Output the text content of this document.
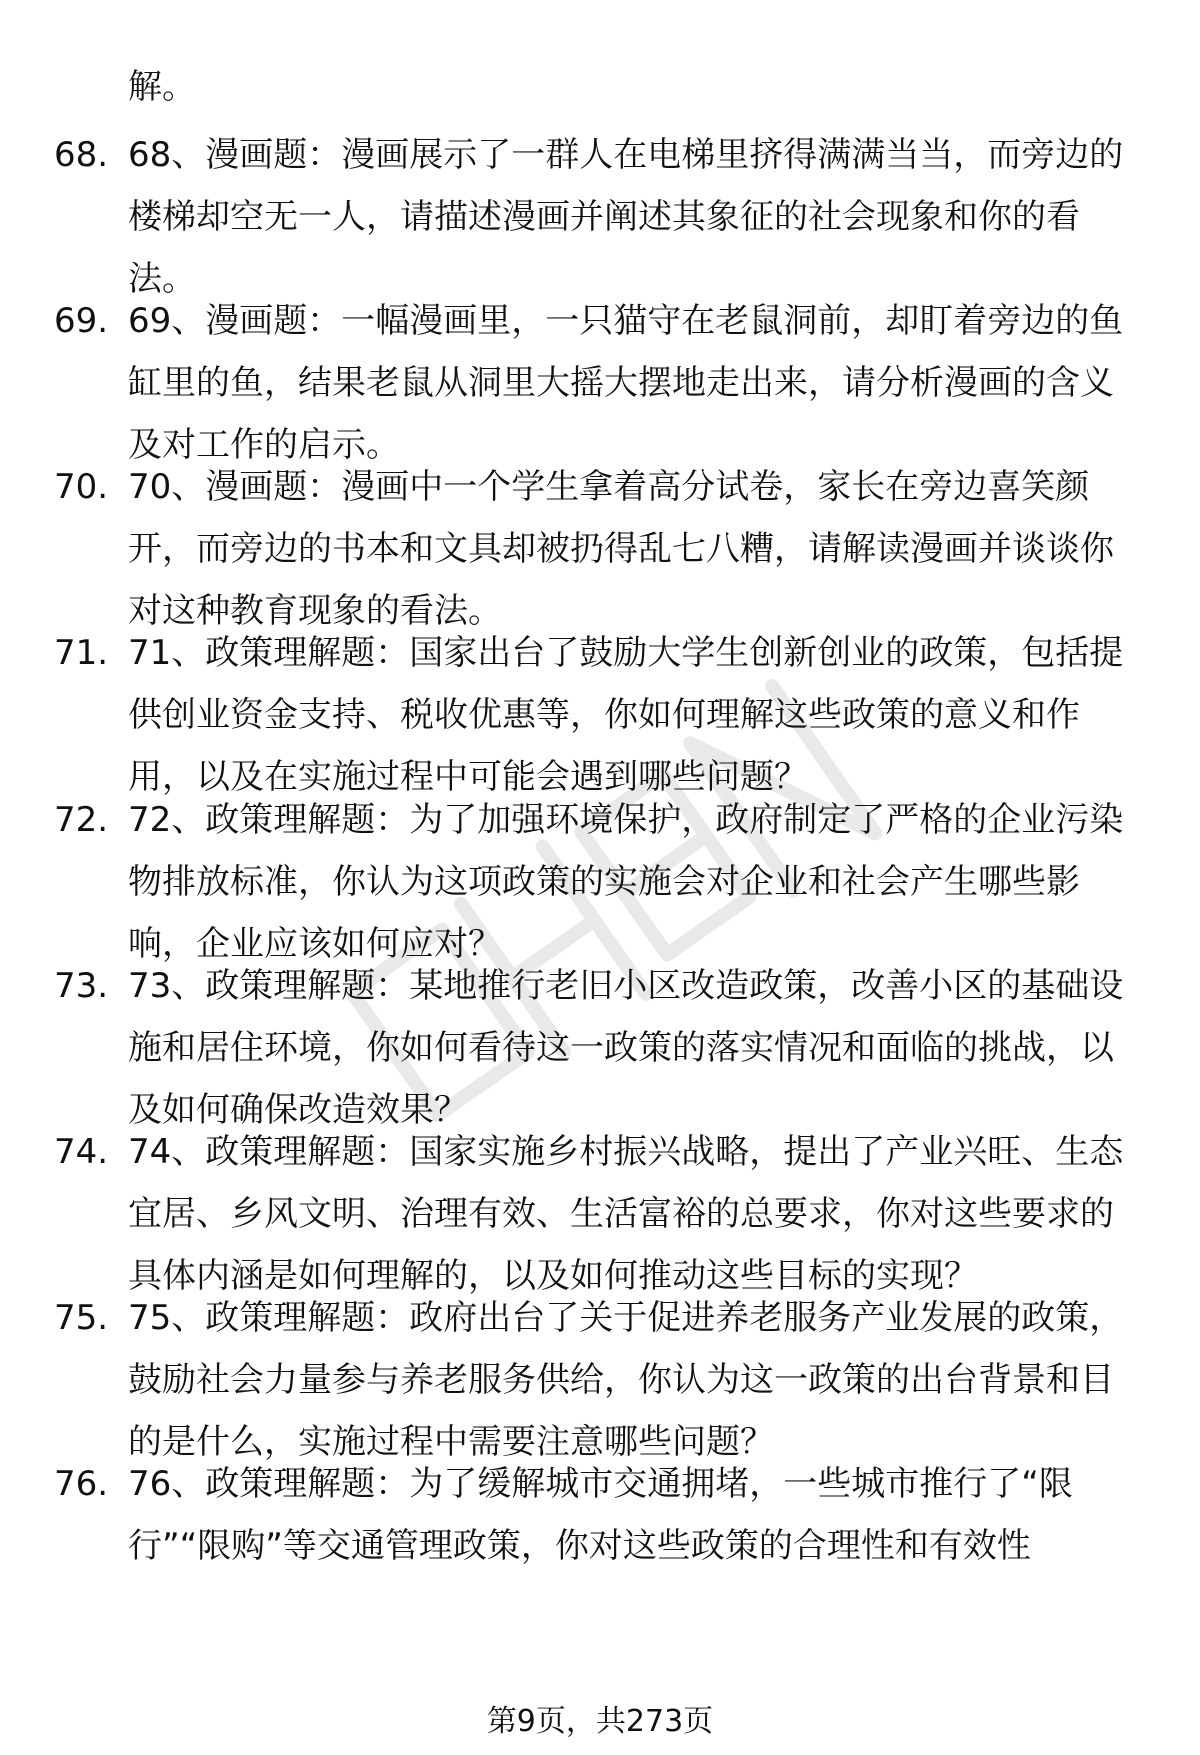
解。
68. 68、漫画题：漫画展示了一群人在电梯里挤得满满当当，而旁边的楼梯却空无一人，请描述漫画并阐述其象征的社会现象和你的看法。
69. 69、漫画题：一幅漫画里，一只猫守在老鼠洞前，却盯着旁边的鱼缸里的鱼，结果老鼠从洞里大摇大摆地走出来，请分析漫画的含义及对工作的启示。
70. 70、漫画题：漫画中一个学生拿着高分试卷，家长在旁边喜笑颜开，而旁边的书本和文具却被扔得乱七八糟，请解读漫画并谈谈你对这种教育现象的看法。
71. 71、政策理解题：国家出台了鼓励大学生创新创业的政策，包括提供创业资金支持、税收优惠等，你如何理解这些政策的意义和作用，以及在实施过程中可能会遇到哪些问题？
72. 72、政策理解题：为了加强环境保护，政府制定了严格的企业污染物排放标准，你认为这项政策的实施会对企业和社会产生哪些影响，企业应该如何应对？
73. 73、政策理解题：某地推行老旧小区改造政策，改善小区的基础设施和居住环境，你如何看待这一政策的落实情况和面临的挑战，以及如何确保改造效果？
74. 74、政策理解题：国家实施乡村振兴战略，提出了产业兴旺、生态宜居、乡风文明、治理有效、生活富裕的总要求，你对这些要求的具体内涵是如何理解的，以及如何推动这些目标的实现？
75. 75、政策理解题：政府出台了关于促进养老服务产业发展的政策，鼓励社会力量参与养老服务供给，你认为这一政策的出台背景和目的是什么，实施过程中需要注意哪些问题？
76. 76、政策理解题：为了缓解城市交通拥堵，一些城市推行了“限行”“限购”等交通管理政策，你对这些政策的合理性和有效性
第9页，共273页
